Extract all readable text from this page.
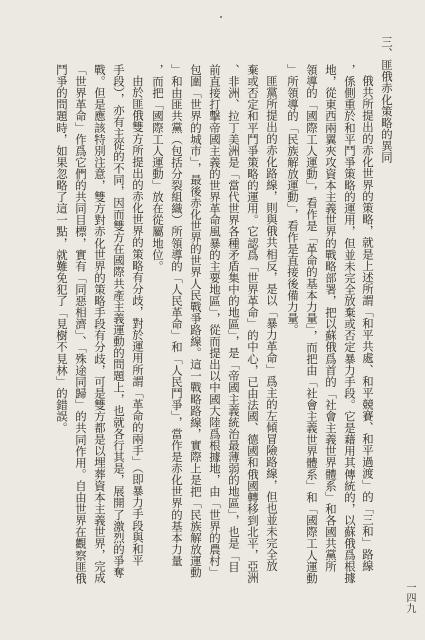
三、匪俄赤化策略的異同
俄共所提出的赤化世界的策略，就是上述所謂「和平共處、和平競賽、和平過渡」的「三和」路線
，係側重於和平鬥爭策略的運用，但並未完全放棄或否定暴力手段。它是藉用其傳統的，以蘇俄爲根據
地，從東西兩翼夾攻資本主義世界的戰略部署，把以蘇俄爲首的「社會主義世界體系」和各國共黨所
領導的「國際工人運動」，看作是「革命的基本力量」，而把由「社會主義世界體系」和「國際工人運動
」所領導的「民族解放運動」，看作是直接後備力量。
匪黨所提出的赤化路線，則與俄共相反，是以「暴力革命」爲主的左傾冒險路線，但也並未完全放
棄或否定和平鬥爭策略的運用。它認爲「世界革命」的中心，已由法國、德國和俄國轉移到北平，亞洲
、非洲、拉丁美洲是「當代世界各種矛盾集中的地區」，是「帝國主義統治最薄弱的地區」，也是「目
前直接打擊帝國主義的世界革命風暴的主要地區」，從而提出以中國大陸爲根據地，由「世界的農村」
包圍「世界的城市」，最後赤化世界的世界人民戰爭路線。這一戰略路線，實際上是把「民族解放運動
」和由匪共黨（包括分裂組織）所領導的「人民革命」和「人民鬥爭」，當作是赤化世界的基本力量
，而把「國際工人運動」放在從屬地位。
由於匪俄雙方所提出的赤化世界的策略有分歧，對於運用所謂「革命的兩手」（即暴力手段與和平
手段），亦有主從的不同，因而雙方在國際共產主義運動的問題上，也就各行其是，展開了激烈的爭奪
戰。但是應該特別注意，雙方對赤化世界的策略手段有分歧，可是雙方都是以埋葬資本主義世界，完成
「世界革命」作爲它們的共同目標，實有「同惡相濟」、「殊途同歸」的共同作用。自由世界在觀察匪俄
鬥爭的問題時，如果忽略了這一點，就難免犯了「見樹不見林」的錯誤。
一四九
